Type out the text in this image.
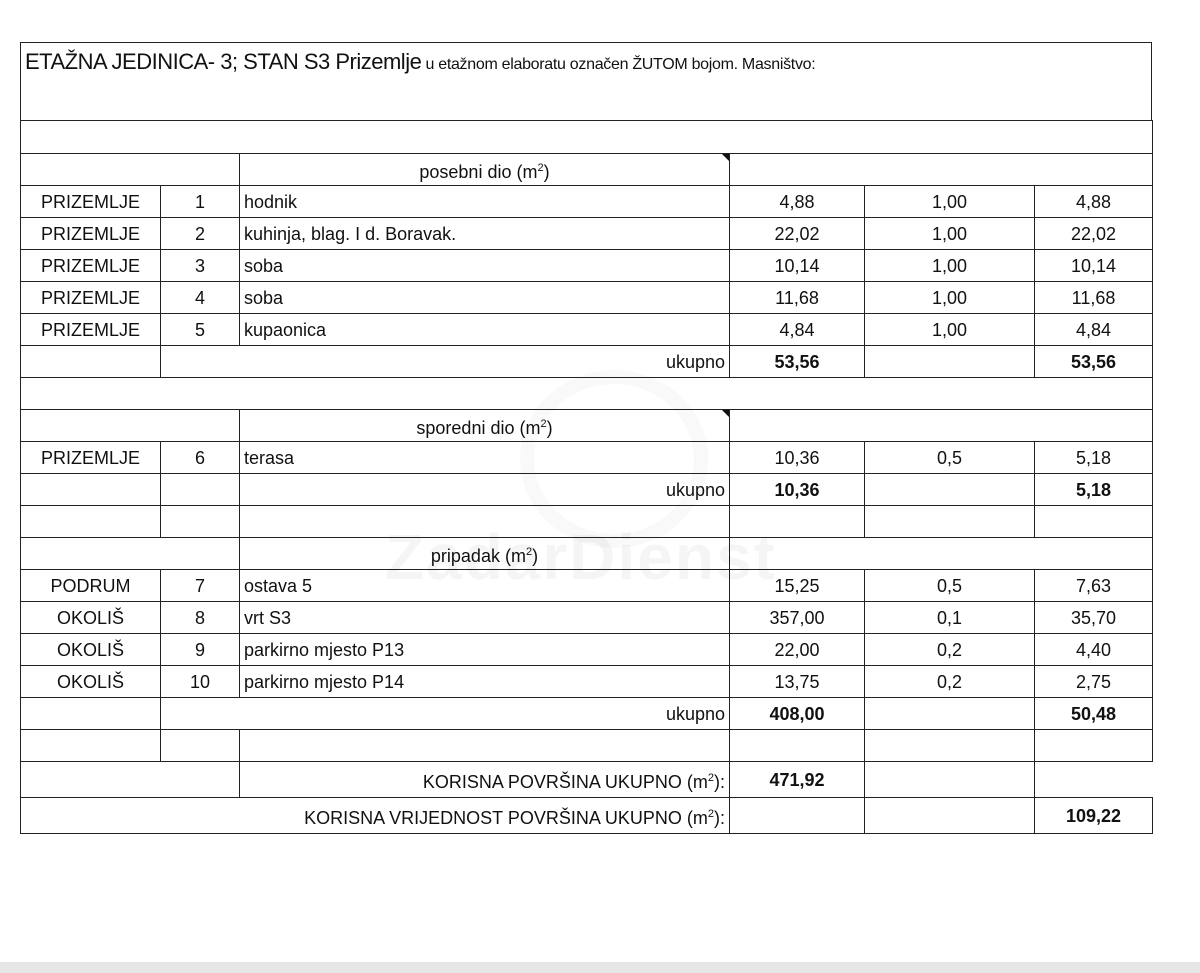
ETAŽNA JEDINICA- 3; STAN S3 Prizemlje u etažnom elaboratu označen ŽUTOM bojom. Masništvo:

		posebni dio $(m^2)$			
PRIZEMLJE	1	hodnik	4,88	1,00	4,88
PRIZEMLJE	2	kuhinja, blag. I d. Boravak.	22,02	1,00	22,02
PRIZEMLJE	3	soba	10,14	1,00	10,14
PRIZEMLJE	4	soba	11,68	1,00	11,68
PRIZEMLJE	5	kupaonica	4,84	1,00	4,84
	ukupno		53,56		53,56

		sporedni dio $(m^2)$			
PRIZEMLJE	6	terasa	10,36	0,5	5,18
		ukupno	10,36		5,18

		pripadak $(m^2)$			
PODRUM	7	ostava 5	15,25	0,5	7,63
OKOLIŠ	8	vrt S3	357,00	0,1	35,70
OKOLIŠ	9	parkirno mjesto P13	22,00	0,2	4,40
OKOLIŠ	10	parkirno mjesto P14	13,75	0,2	2,75
	ukupno		408,00		50,48

		KORISNA POVRŠINA UKUPNO $(m^2)$:	471,92		
KORISNA VRIJEDNOST POVRŠINA UKUPNO $(m^2)$:					109,22
